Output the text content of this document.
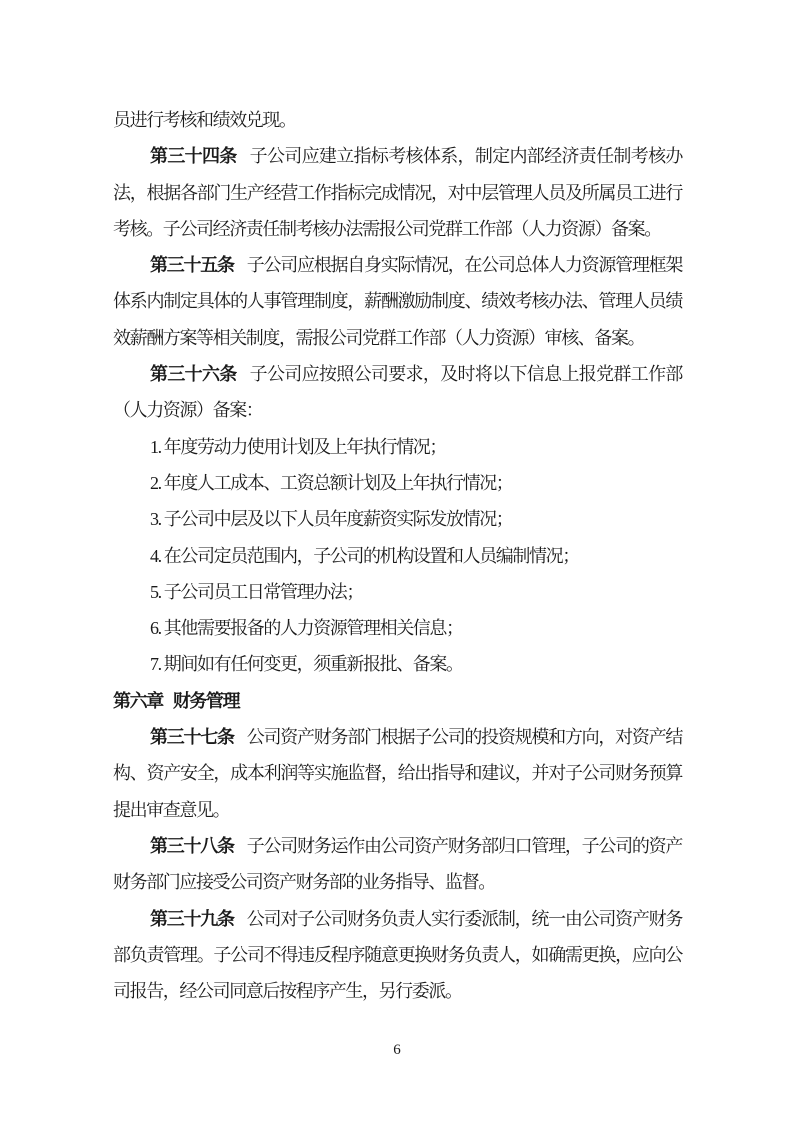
员进行考核和绩效兑现。

第三十四条 子公司应建立指标考核体系，制定内部经济责任制考核办法，根据各部门生产经营工作指标完成情况，对中层管理人员及所属员工进行考核。子公司经济责任制考核办法需报公司党群工作部（人力资源）备案。

第三十五条 子公司应根据自身实际情况，在公司总体人力资源管理框架体系内制定具体的人事管理制度，薪酬激励制度、绩效考核办法、管理人员绩效薪酬方案等相关制度，需报公司党群工作部（人力资源）审核、备案。

第三十六条 子公司应按照公司要求，及时将以下信息上报党群工作部（人力资源）备案：

1. 年度劳动力使用计划及上年执行情况；

2. 年度人工成本、工资总额计划及上年执行情况；

3. 子公司中层及以下人员年度薪资实际发放情况；

4. 在公司定员范围内，子公司的机构设置和人员编制情况；

5. 子公司员工日常管理办法；

6. 其他需要报备的人力资源管理相关信息；

7. 期间如有任何变更，须重新报批、备案。

第六章 财务管理

第三十七条 公司资产财务部门根据子公司的投资规模和方向，对资产结构、资产安全，成本利润等实施监督，给出指导和建议，并对子公司财务预算提出审查意见。

第三十八条 子公司财务运作由公司资产财务部归口管理，子公司的资产财务部门应接受公司资产财务部的业务指导、监督。

第三十九条 公司对子公司财务负责人实行委派制，统一由公司资产财务部负责管理。子公司不得违反程序随意更换财务负责人，如确需更换，应向公司报告，经公司同意后按程序产生，另行委派。

6
